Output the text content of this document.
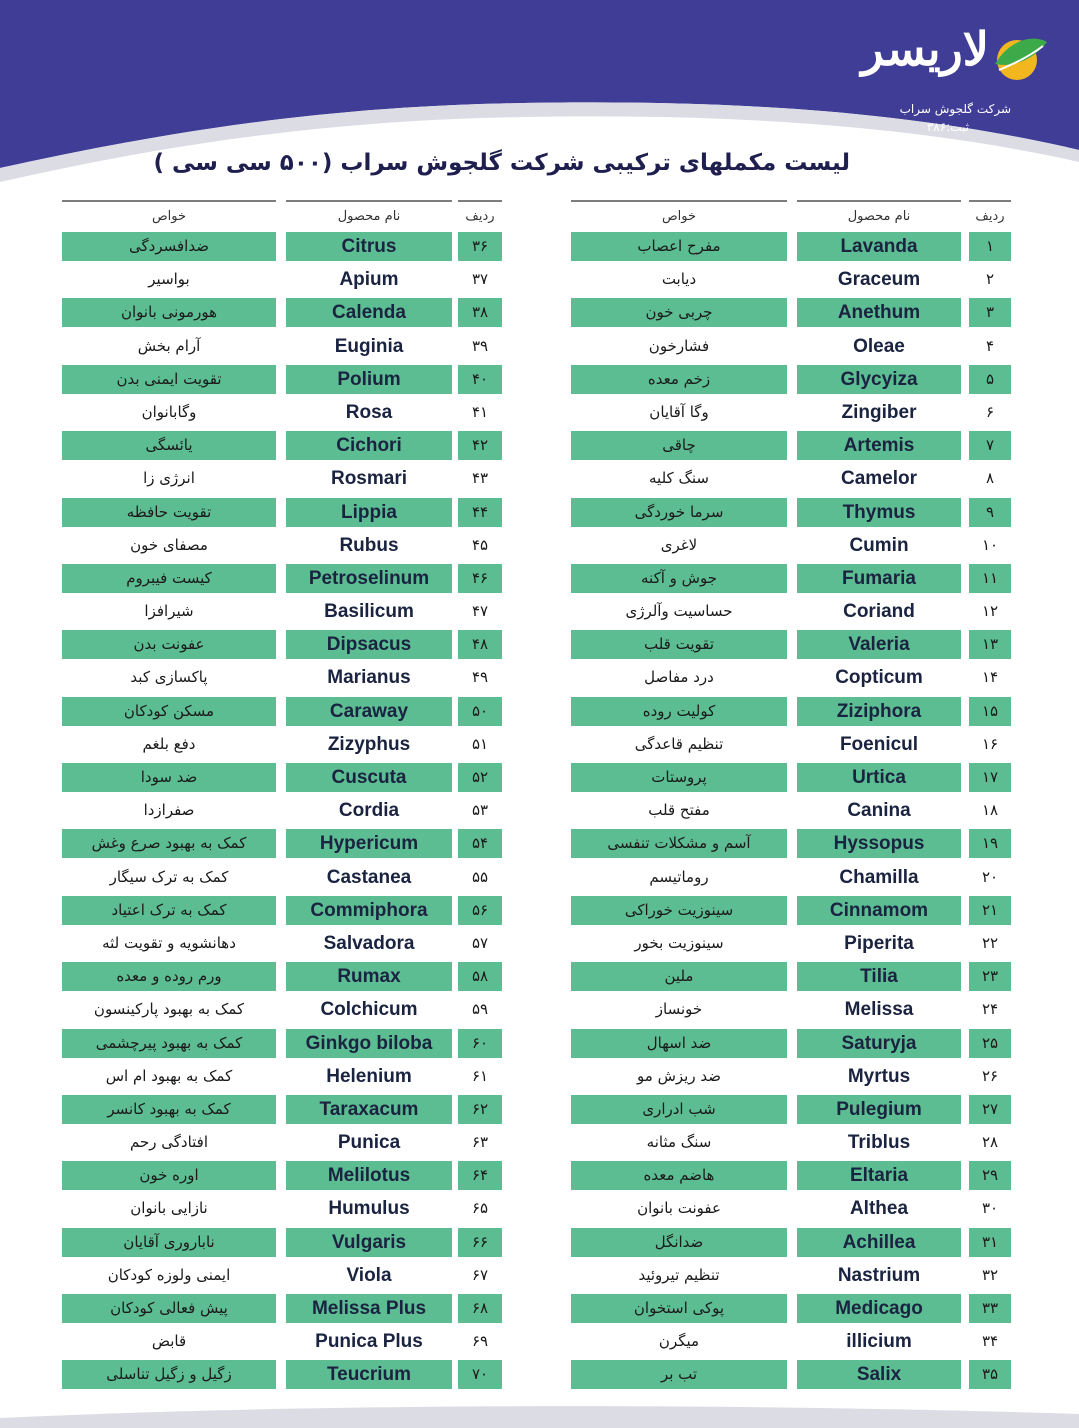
لاریسر
شرکت گلجوش سراب
ثبت:۳۸۶
لیست مکملهای ترکیبی شرکت گلجوش سراب (۵۰۰ سی سی )
خواص	نام محصول	ردیف
ضدافسردگی	Citrus	۳۶
بواسیر	Apium	۳۷
هورمونی بانوان	Calenda	۳۸
آرام بخش	Euginia	۳۹
تقویت ایمنی بدن	Polium	۴۰
وگابانوان	Rosa	۴۱
یائسگی	Cichori	۴۲
انرژی زا	Rosmari	۴۳
تقویت حافظه	Lippia	۴۴
مصفای خون	Rubus	۴۵
کیست فیبروم	Petroselinum	۴۶
شیرافزا	Basilicum	۴۷
عفونت بدن	Dipsacus	۴۸
پاکسازی کبد	Marianus	۴۹
مسکن کودکان	Caraway	۵۰
دفع بلغم	Zizyphus	۵۱
ضد سودا	Cuscuta	۵۲
صفرازدا	Cordia	۵۳
کمک به بهبود صرع وغش	Hypericum	۵۴
کمک به ترک سیگار	Castanea	۵۵
کمک به ترک اعتیاد	Commiphora	۵۶
دهانشویه و تقویت لثه	Salvadora	۵۷
ورم روده و معده	Rumax	۵۸
کمک به بهبود پارکینسون	Colchicum	۵۹
کمک به بهبود پیرچشمی	Ginkgo biloba	۶۰
کمک به بهبود ام اس	Helenium	۶۱
کمک به بهبود کانسر	Taraxacum	۶۲
افتادگی رحم	Punica	۶۳
اوره خون	Melilotus	۶۴
نازایی بانوان	Humulus	۶۵
ناباروری آقایان	Vulgaris	۶۶
ایمنی ولوزه کودکان	Viola	۶۷
پیش فعالی کودکان	Melissa Plus	۶۸
قابض	Punica Plus	۶۹
زگیل و زگیل تناسلی	Teucrium	۷۰
خواص	نام محصول	ردیف
مفرح اعصاب	Lavanda	۱
دیابت	Graceum	۲
چربی خون	Anethum	۳
فشارخون	Oleae	۴
زخم معده	Glycyiza	۵
وگا آقایان	Zingiber	۶
چاقی	Artemis	۷
سنگ کلیه	Camelor	۸
سرما خوردگی	Thymus	۹
لاغری	Cumin	۱۰
جوش و آکنه	Fumaria	۱۱
حساسیت وآلرژی	Coriand	۱۲
تقویت قلب	Valeria	۱۳
درد مفاصل	Copticum	۱۴
کولیت روده	Ziziphora	۱۵
تنظیم قاعدگی	Foenicul	۱۶
پروستات	Urtica	۱۷
مفتح قلب	Canina	۱۸
آسم و مشکلات تنفسی	Hyssopus	۱۹
روماتیسم	Chamilla	۲۰
سینوزیت خوراکی	Cinnamom	۲۱
سینوزیت بخور	Piperita	۲۲
ملین	Tilia	۲۳
خونساز	Melissa	۲۴
ضد اسهال	Saturyja	۲۵
ضد ریزش مو	Myrtus	۲۶
شب ادراری	Pulegium	۲۷
سنگ مثانه	Triblus	۲۸
هاضم معده	Eltaria	۲۹
عفونت بانوان	Althea	۳۰
ضدانگل	Achillea	۳۱
تنظیم تیروئید	Nastrium	۳۲
پوکی استخوان	Medicago	۳۳
میگرن	illicium	۳۴
تب بر	Salix	۳۵
